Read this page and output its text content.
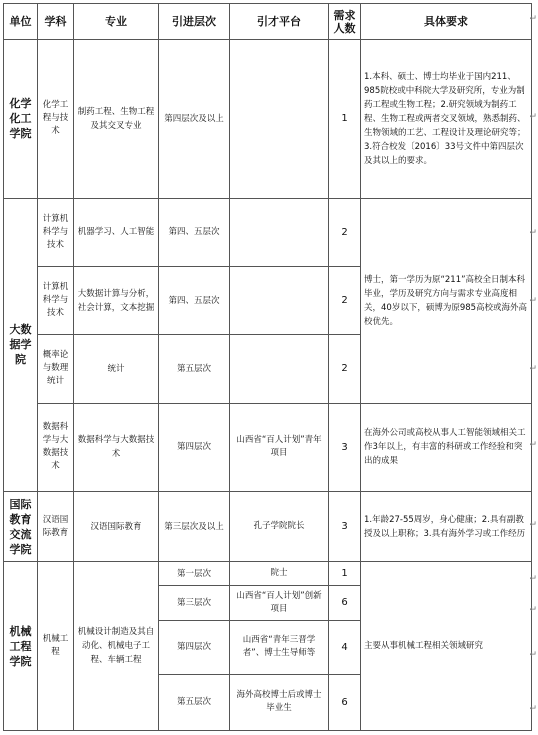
单位	学科	专业	引进层次	引才平台	需求人数	具体要求
化学化工学院	化学工程与技术	制药工程、生物工程及其交叉专业	第四层次及以上		1	1.本科、硕士、博士均毕业于国内211、985院校或中科院大学及研究所，专业为制药工程或生物工程；2.研究领域为制药工程、生物工程或两者交叉领域，熟悉制药、生物领域的工艺、工程设计及理论研究等；3.符合校发〔2016〕33号文件中第四层次及其以上的要求。
大数据学院	计算机科学与技术	机器学习、人工智能	第四、五层次		2	博士，第一学历为原“211”高校全日制本科毕业，学历及研究方向与需求专业高度相关，40岁以下，硕博为原985高校或海外高校优先。
	计算机科学与技术	大数据计算与分析，社会计算，文本挖掘	第四、五层次		2	
	概率论与数理统计	统计	第五层次		2	
	数据科学与大数据技术	数据科学与大数据技术	第四层次	山西省“百人计划”青年项目	3	在海外公司或高校从事人工智能领域相关工作3年以上，有丰富的科研或工作经验和突出的成果
国际教育交流学院	汉语国际教育	汉语国际教育	第三层次及以上	孔子学院院长	3	1.年龄27-55周岁，身心健康；2.具有副教授及以上职称；3.具有海外学习或工作经历
机械工程学院	机械工程	机械设计制造及其自动化、机械电子工程、车辆工程	第一层次	院士	1	主要从事机械工程相关领域研究
			第三层次	山西省“百人计划”创新项目	6	
			第四层次	山西省“青年三晋学者”、博士生导师等	4	
			第五层次	海外高校博士后或博士毕业生	6	
↵
↵
↵
↵
↵
↵
↵
↵
↵
↵
↵
